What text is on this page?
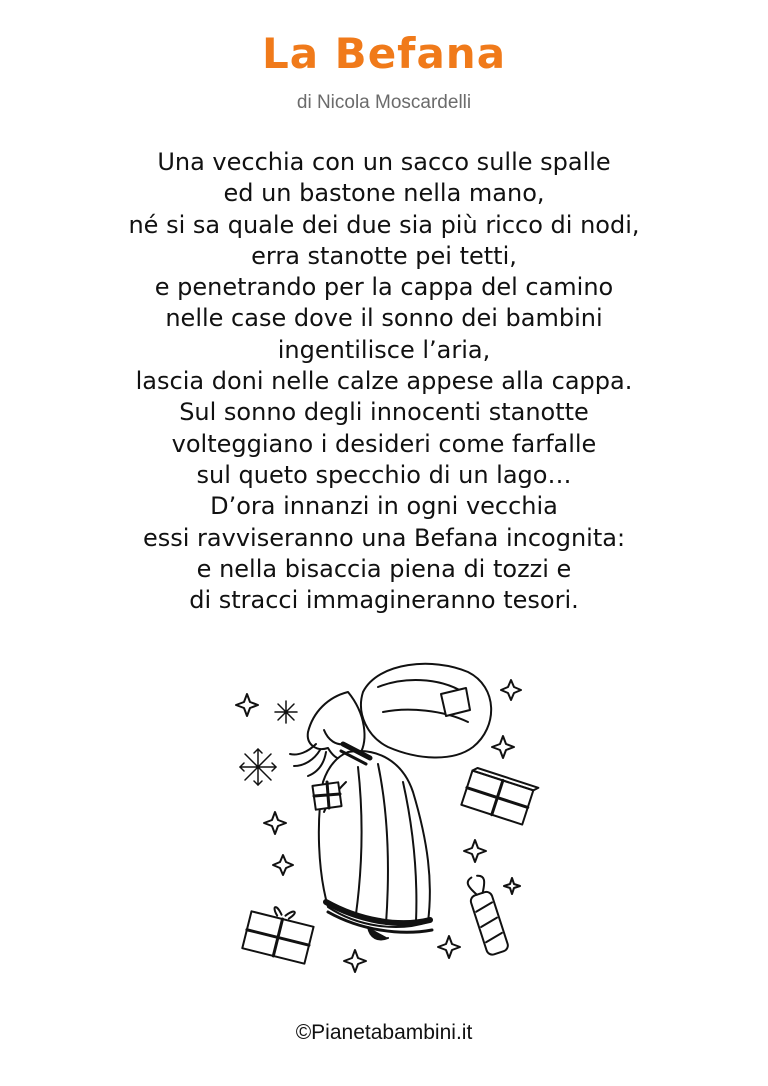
La Befana
di Nicola Moscardelli
Una vecchia con un sacco sulle spalle
ed un bastone nella mano,
né si sa quale dei due sia più ricco di nodi,
erra stanotte pei tetti,
e penetrando per la cappa del camino
nelle case dove il sonno dei bambini
ingentilisce l’aria,
lascia doni nelle calze appese alla cappa.
Sul sonno degli innocenti stanotte
volteggiano i desideri come farfalle
sul queto specchio di un lago…
D’ora innanzi in ogni vecchia
essi ravviseranno una Befana incognita:
e nella bisaccia piena di tozzi e
di stracci immagineranno tesori.
©Pianetabambini.it
